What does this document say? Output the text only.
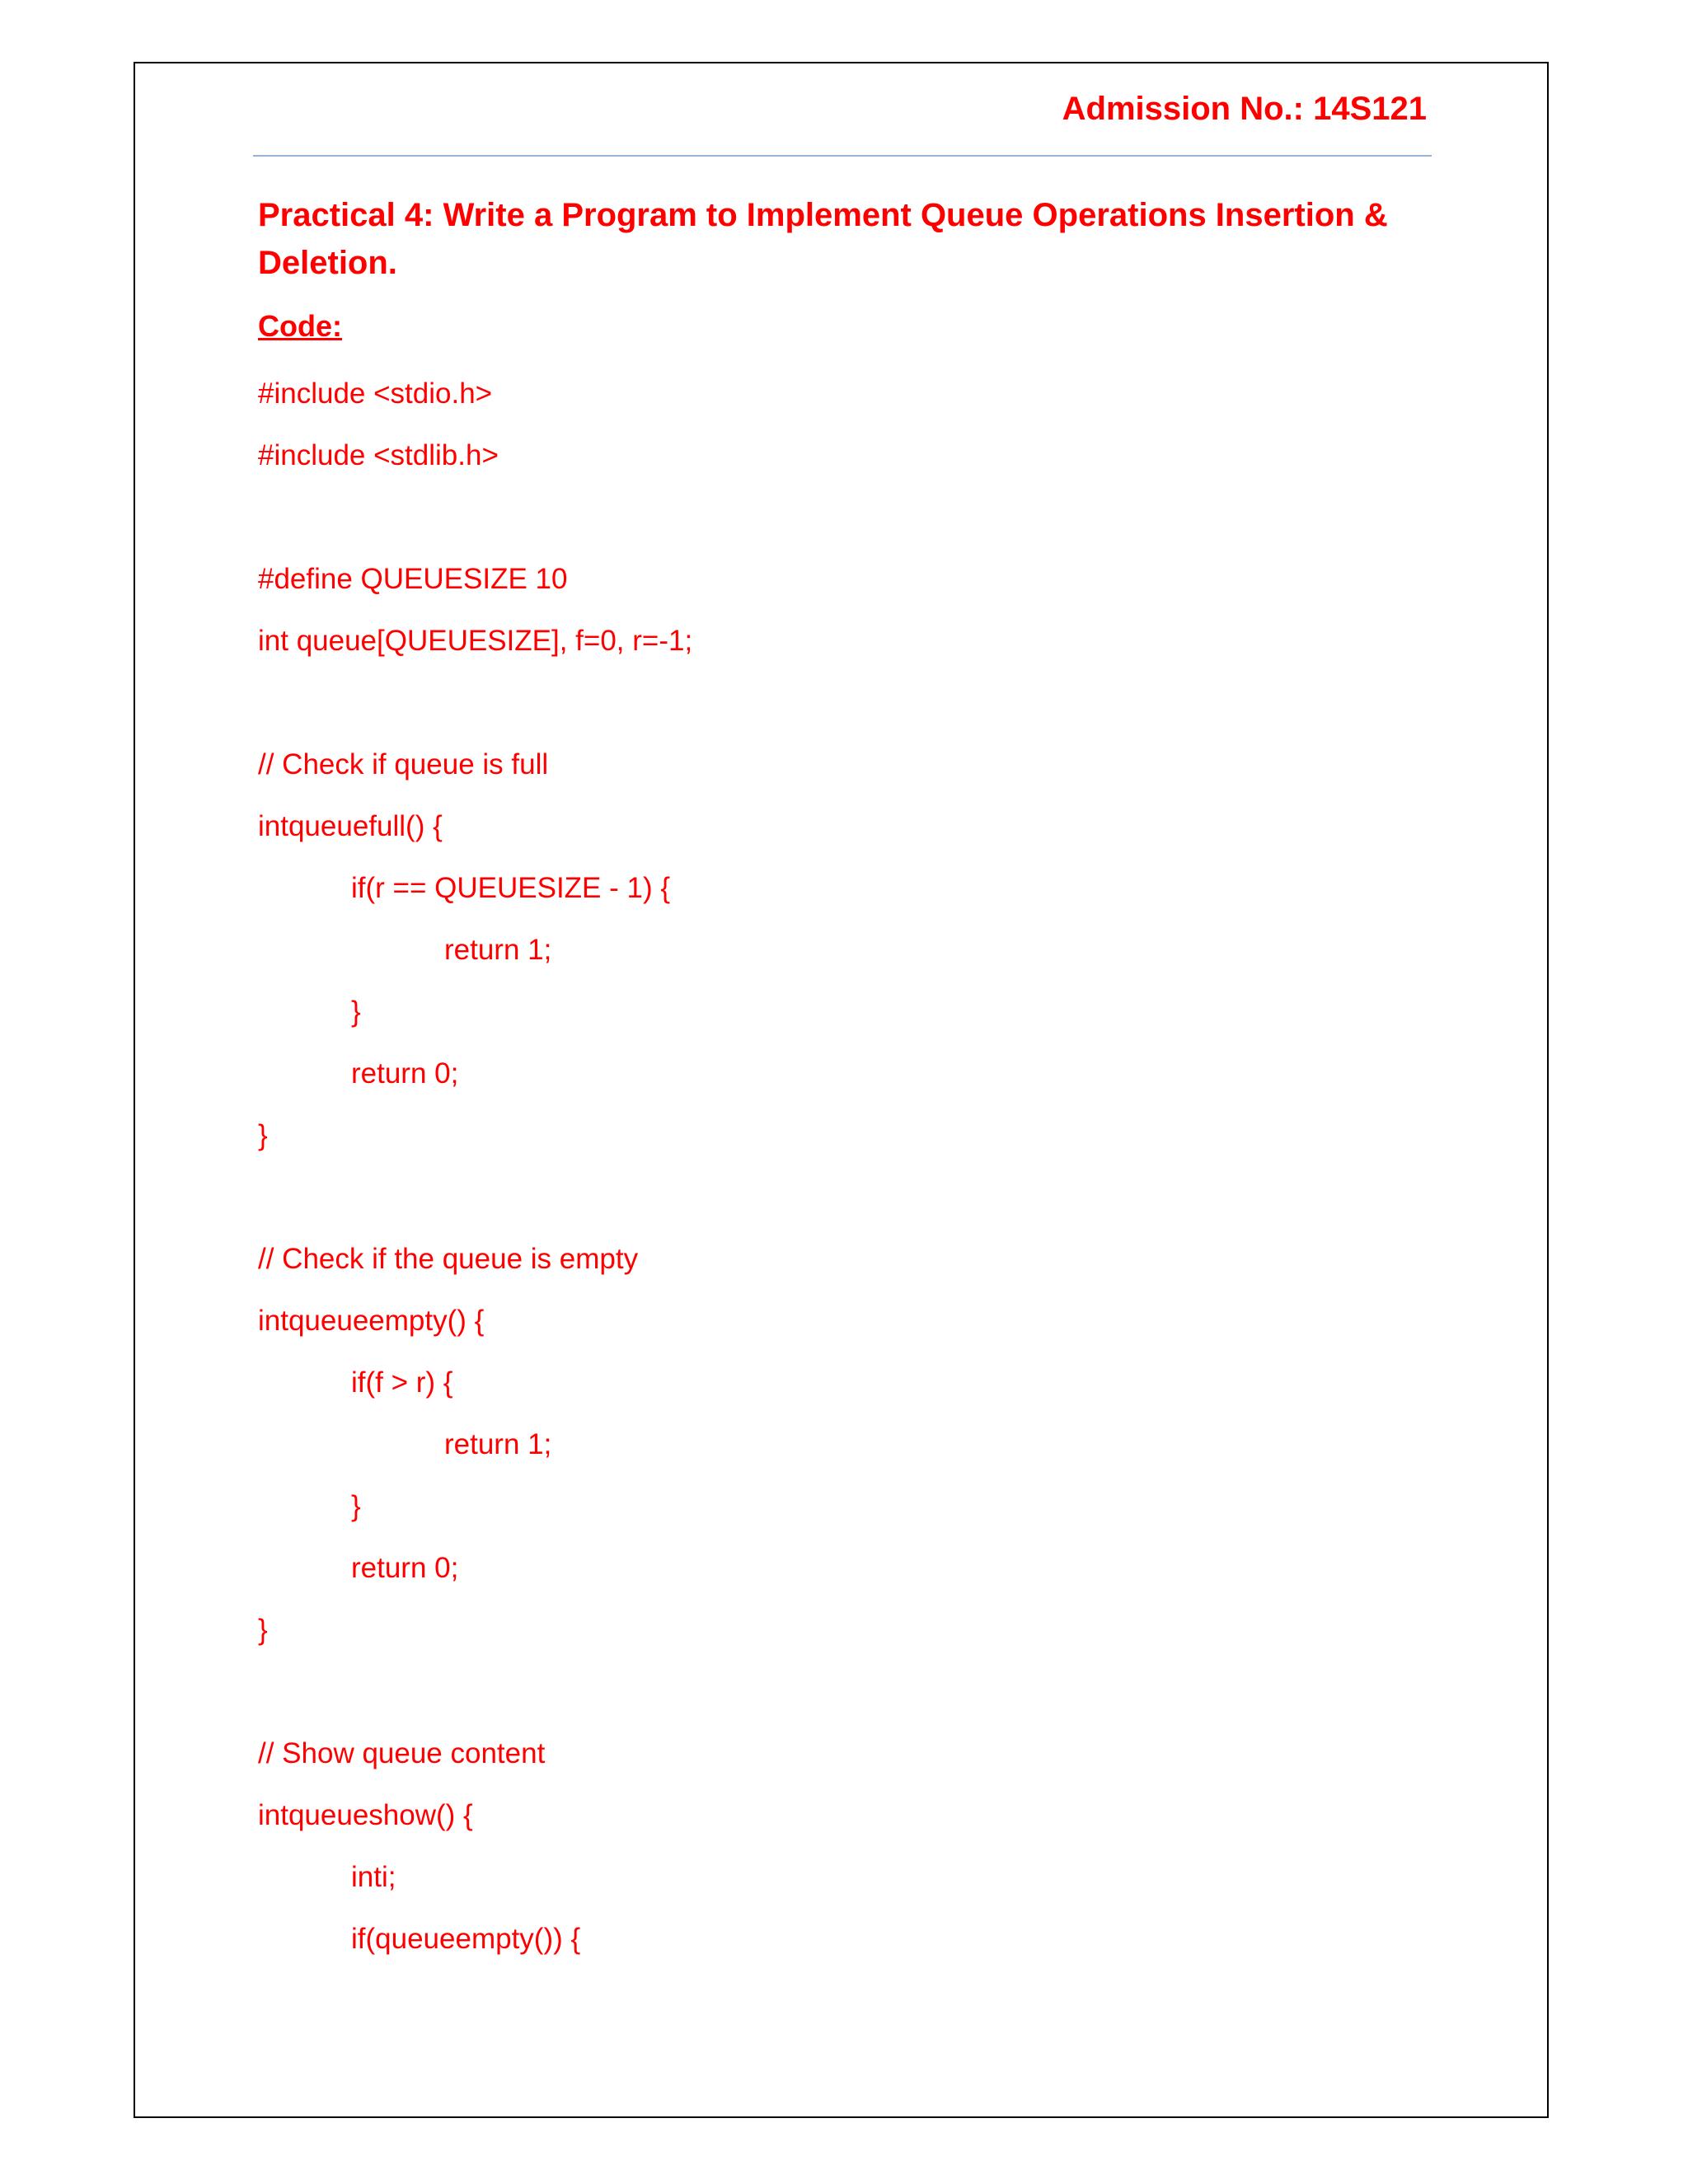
Admission No.: 14S121
Practical 4: Write a Program to Implement Queue Operations Insertion & Deletion.
Code:
#include <stdio.h>
#include <stdlib.h>
#define QUEUESIZE 10
int queue[QUEUESIZE], f=0, r=-1;
// Check if queue is full
intqueuefull() {
if(r == QUEUESIZE - 1) {
return 1;
}
return 0;
}
// Check if the queue is empty
intqueueempty() {
if(f > r) {
return 1;
}
return 0;
}
// Show queue content
intqueueshow() {
inti;
if(queueempty()) {
